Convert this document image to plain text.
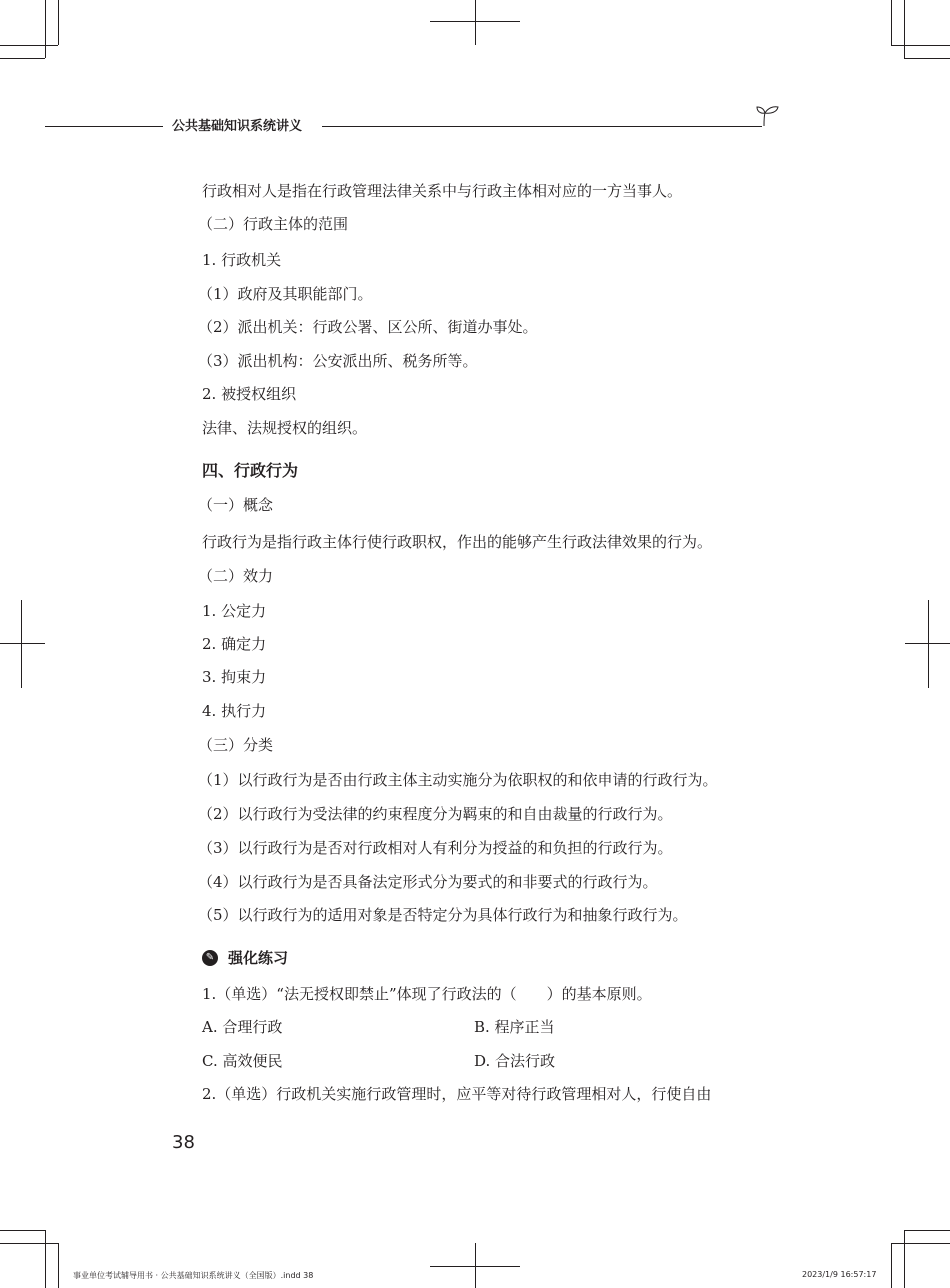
公共基础知识系统讲义
行政相对人是指在行政管理法律关系中与行政主体相对应的一方当事人。
（二）行政主体的范围
1. 行政机关
（1）政府及其职能部门。
（2）派出机关：行政公署、区公所、街道办事处。
（3）派出机构：公安派出所、税务所等。
2. 被授权组织
法律、法规授权的组织。
四、行政行为
（一）概念
行政行为是指行政主体行使行政职权，作出的能够产生行政法律效果的行为。
（二）效力
1. 公定力
2. 确定力
3. 拘束力
4. 执行力
（三）分类
（1）以行政行为是否由行政主体主动实施分为依职权的和依申请的行政行为。
（2）以行政行为受法律的约束程度分为羁束的和自由裁量的行政行为。
（3）以行政行为是否对行政相对人有利分为授益的和负担的行政行为。
（4）以行政行为是否具备法定形式分为要式的和非要式的行政行为。
（5）以行政行为的适用对象是否特定分为具体行政行为和抽象行政行为。
✎ 强化练习
1.（单选）“法无授权即禁止”体现了行政法的（　　）的基本原则。
A. 合理行政	B. 程序正当
C. 高效便民	D. 合法行政
2.（单选）行政机关实施行政管理时，应平等对待行政管理相对人，行使自由
38
事业单位考试辅导用书 · 公共基础知识系统讲义（全国版）.indd 38	2023/1/9 16:57:17
